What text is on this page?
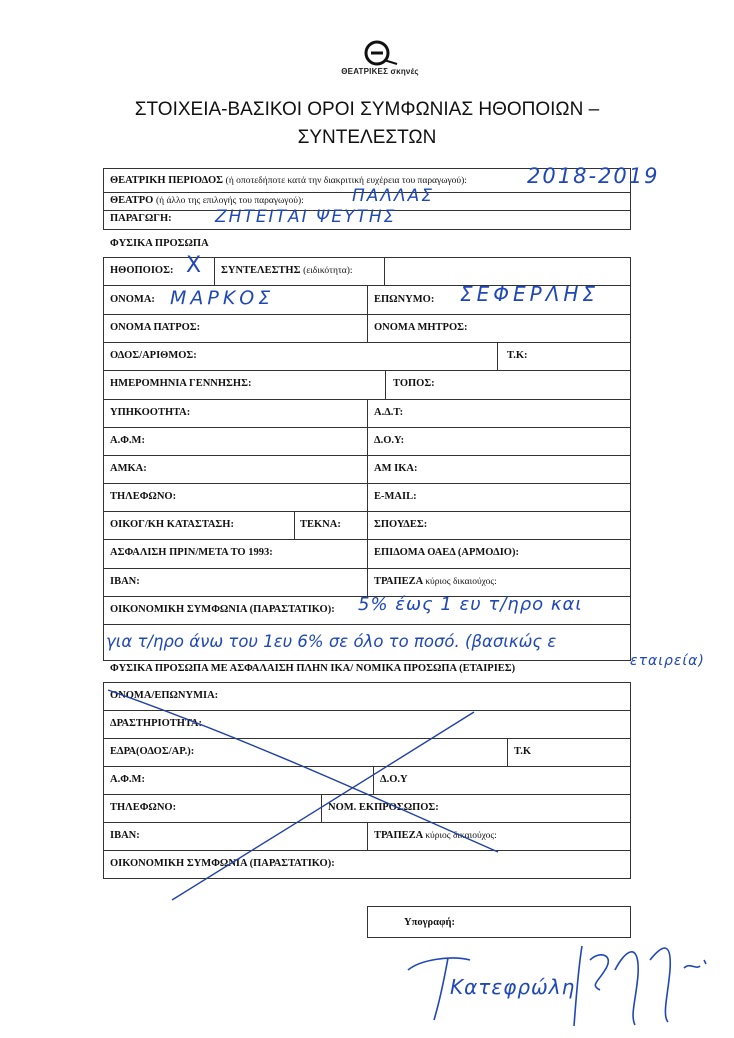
ΘΕΑΤΡΙΚΕΣ σκηνές
ΣΤΟΙΧΕΙΑ-ΒΑΣΙΚΟΙ ΟΡΟΙ ΣΥΜΦΩΝΙΑΣ ΗΘΟΠΟΙΩΝ –
ΣΥΝΤΕΛΕΣΤΩΝ
ΘΕΑΤΡΙΚΗ ΠΕΡΙΟΔΟΣ (ή οποτεδήποτε κατά την διακριτική ευχέρεια του παραγωγού):	2018-2019
ΘΕΑΤΡΟ (ή άλλο της επιλογής του παραγωγού):	ΠΑΛΛΑΣ
ΠΑΡΑΓΩΓΗ:	ΖΗΤΕΙΤΑΙ ΨΕΥΤΗΣ
ΦΥΣΙΚΑ ΠΡΟΣΩΠΑ
ΗΘΟΠΟΙΟΣ: X ΣΥΝΤΕΛΕΣΤΗΣ (ειδικότητα):
ΟΝΟΜΑ: ΜΑΡΚΟΣ	ΕΠΩΝΥΜΟ: ΣΕΦΕΡΛΗΣ
ΟΝΟΜΑ ΠΑΤΡΟΣ:	ΟΝΟΜΑ ΜΗΤΡΟΣ:
ΟΔΟΣ/ΑΡΙΘΜΟΣ:	Τ.Κ:
ΗΜΕΡΟΜΗΝΙΑ ΓΕΝΝΗΣΗΣ:	ΤΟΠΟΣ:
ΥΠΗΚΟΟΤΗΤΑ:	Α.Δ.Τ:
Α.Φ.Μ:	Δ.Ο.Υ:
ΑΜΚΑ:	ΑΜ ΙΚΑ:
ΤΗΛΕΦΩΝΟ:	E-MAIL:
ΟΙΚΟΓ/ΚΗ ΚΑΤΑΣΤΑΣΗ:	ΤΕΚΝΑ:	ΣΠΟΥΔΕΣ:
ΑΣΦΑΛΙΣΗ ΠΡΙΝ/ΜΕΤΑ ΤΟ 1993:	ΕΠΙΔΟΜΑ ΟΑΕΔ (ΑΡΜΟΔΙΟ):
IBAN:	ΤΡΑΠΕΖΑ κύριος δικαιούχος:
ΟΙΚΟΝΟΜΙΚΗ ΣΥΜΦΩΝΙΑ (ΠΑΡΑΣΤΑΤΙΚΟ): 5% έως 1 ευ τ/ηρο και
για τ/ηρο άνω του 1ευ 6% σε όλο το ποσό. (βασικώς ε
εταιρεία)
ΦΥΣΙΚΑ ΠΡΟΣΩΠΑ ΜΕ ΑΣΦΑΛΑΙΣΗ ΠΛΗΝ ΙΚΑ/ ΝΟΜΙΚΑ ΠΡΟΣΩΠΑ (ΕΤΑΙΡΙΕΣ)
ΟΝΟΜΑ/ΕΠΩΝΥΜΙΑ:
ΔΡΑΣΤΗΡΙΟΤΗΤΑ:
ΕΔΡΑ(ΟΔΟΣ/ΑΡ.):	Τ.Κ
Α.Φ.Μ:	Δ.Ο.Υ
ΤΗΛΕΦΩΝΟ:	ΝΟΜ. ΕΚΠΡΟΣΩΠΟΣ:
IBAN:	ΤΡΑΠΕΖΑ κύριος δικαιούχος:
ΟΙΚΟΝΟΜΙΚΗ ΣΥΜΦΩΝΙΑ (ΠΑΡΑΣΤΑΤΙΚΟ):
Υπογραφή:
Κατεφρώλη
